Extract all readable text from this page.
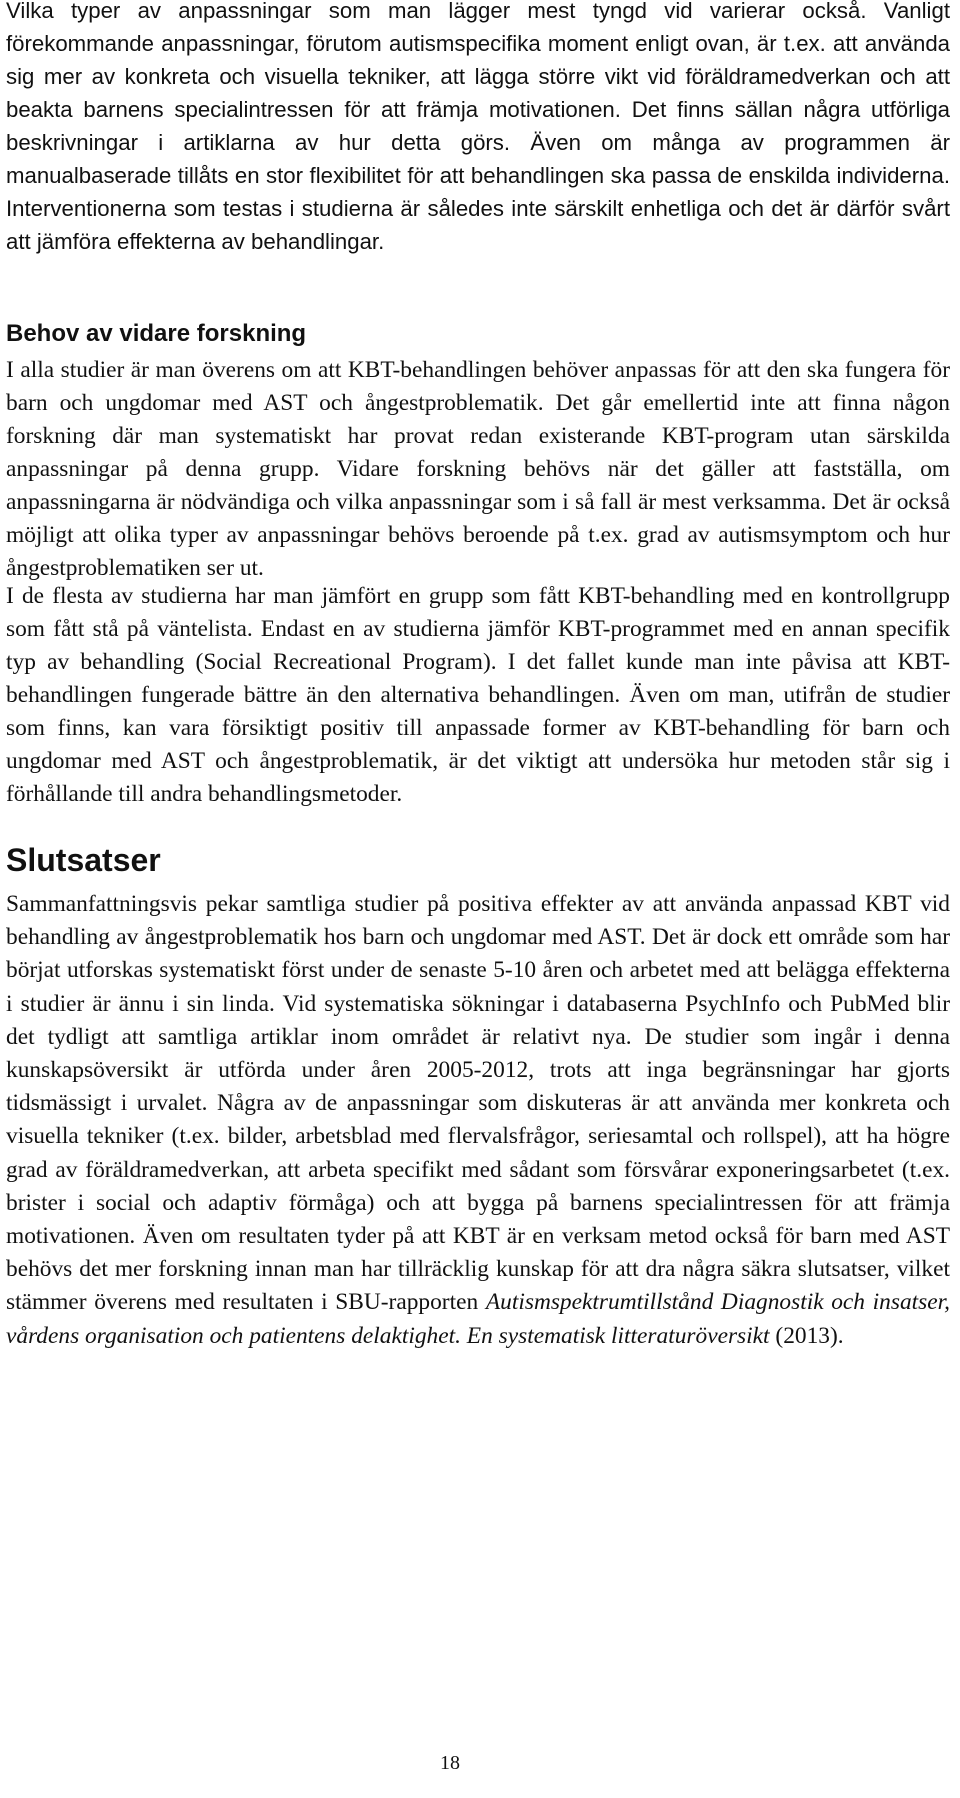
Vilka typer av anpassningar som man lägger mest tyngd vid varierar också. Vanligt förekommande anpassningar, förutom autismspecifika moment enligt ovan, är t.ex. att använda sig mer av konkreta och visuella tekniker, att lägga större vikt vid föräldramedverkan och att beakta barnens specialintressen för att främja motivationen. Det finns sällan några utförliga beskrivningar i artiklarna av hur detta görs. Även om många av programmen är manualbaserade tillåts en stor flexibilitet för att behandlingen ska passa de enskilda individerna. Interventionerna som testas i studierna är således inte särskilt enhetliga och det är därför svårt att jämföra effekterna av behandlingar.

Behov av vidare forskning

I alla studier är man överens om att KBT-behandlingen behöver anpassas för att den ska fungera för barn och ungdomar med AST och ångestproblematik. Det går emellertid inte att finna någon forskning där man systematiskt har provat redan existerande KBT-program utan särskilda anpassningar på denna grupp. Vidare forskning behövs när det gäller att fastställa, om anpassningarna är nödvändiga och vilka anpassningar som i så fall är mest verksamma. Det är också möjligt att olika typer av anpassningar behövs beroende på t.ex. grad av autismsymptom och hur ångestproblematiken ser ut.

I de flesta av studierna har man jämfört en grupp som fått KBT-behandling med en kontrollgrupp som fått stå på väntelista. Endast en av studierna jämför KBT-programmet med en annan specifik typ av behandling (Social Recreational Program). I det fallet kunde man inte påvisa att KBT-behandlingen fungerade bättre än den alternativa behandlingen. Även om man, utifrån de studier som finns, kan vara försiktigt positiv till anpassade former av KBT-behandling för barn och ungdomar med AST och ångestproblematik, är det viktigt att undersöka hur metoden står sig i förhållande till andra behandlingsmetoder.

Slutsatser

Sammanfattningsvis pekar samtliga studier på positiva effekter av att använda anpassad KBT vid behandling av ångestproblematik hos barn och ungdomar med AST. Det är dock ett område som har börjat utforskas systematiskt först under de senaste 5-10 åren och arbetet med att belägga effekterna i studier är ännu i sin linda. Vid systematiska sökningar i databaserna PsychInfo och PubMed blir det tydligt att samtliga artiklar inom området är relativt nya. De studier som ingår i denna kunskapsöversikt är utförda under åren 2005-2012, trots att inga begränsningar har gjorts tidsmässigt i urvalet. Några av de anpassningar som diskuteras är att använda mer konkreta och visuella tekniker (t.ex. bilder, arbetsblad med flervalsfrågor, seriesamtal och rollspel), att ha högre grad av föräldramedverkan, att arbeta specifikt med sådant som försvårar exponeringsarbetet (t.ex. brister i social och adaptiv förmåga) och att bygga på barnens specialintressen för att främja motivationen. Även om resultaten tyder på att KBT är en verksam metod också för barn med AST behövs det mer forskning innan man har tillräcklig kunskap för att dra några säkra slutsatser, vilket stämmer överens med resultaten i SBU-rapporten Autismspektrumtillstånd Diagnostik och insatser, vårdens organisation och patientens delaktighet. En systematisk litteraturöversikt (2013).

18
